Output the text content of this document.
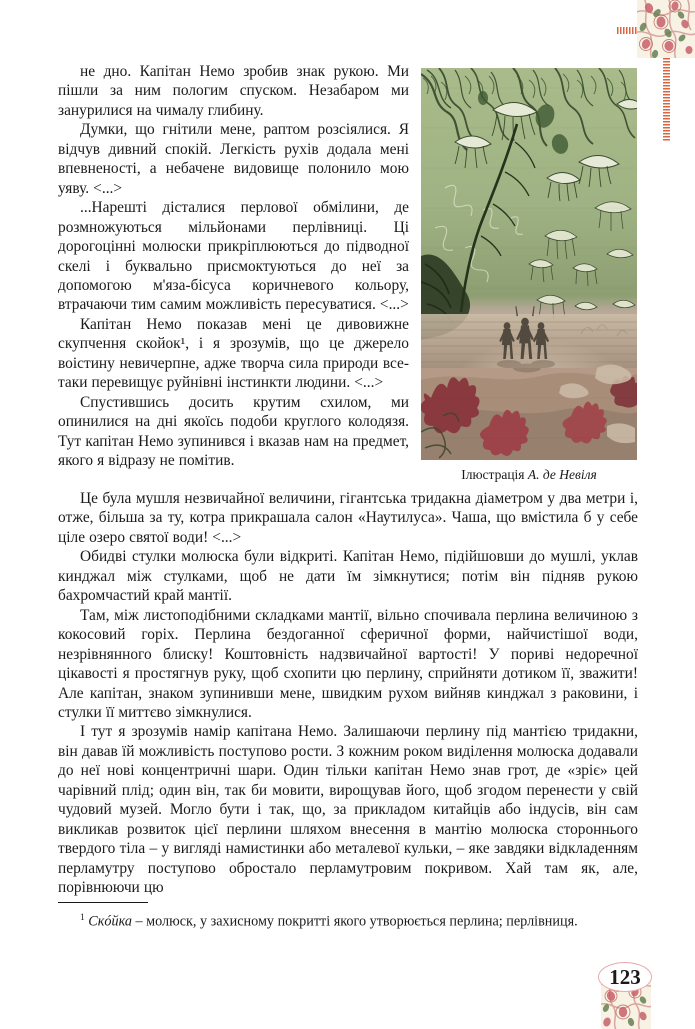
Ілюстрація А. де Невіля

не дно. Капітан Немо зробив знак рукою. Ми пішли за ним пологим спуском. Незабаром ми занурилися на чималу глибину.

Думки, що гнітили мене, раптом розсіялися. Я відчув дивний спокій. Легкість рухів додала мені впевненості, а небачене видовище полонило мою уяву. <...>

...Нарешті дісталися перлової обмілини, де розмножуються мільйонами перлівниці. Ці дорогоцінні молюски прикріплюються до підводної скелі і буквально присмоктуються до неї за допомогою м'яза-бісуса коричневого кольору, втрачаючи тим самим можливість пересуватися. <...>

Капітан Немо показав мені це дивовижне скупчення скойок¹, і я зрозумів, що це джерело воістину невичерпне, адже творча сила природи все-таки перевищує руйнівні інстинкти людини. <...>

Спустившись досить крутим схилом, ми опинилися на дні якоїсь подоби круглого колодязя. Тут капітан Немо зупинився і вказав нам на предмет, якого я відразу не помітив.

Це була мушля незвичайної величини, гігантська тридакна діаметром у два метри і, отже, більша за ту, котра прикрашала салон «Наутилуса». Чаша, що вмістила б у себе ціле озеро святої води! <...>

Обидві стулки молюска були відкриті. Капітан Немо, підійшовши до мушлі, уклав кинджал між стулками, щоб не дати їм зімкнутися; потім він підняв рукою бахромчастий край мантії.

Там, між листоподібними складками мантії, вільно спочивала перлина величиною з кокосовий горіх. Перлина бездоганної сферичної форми, найчистішої води, незрівнянного блиску! Коштовність надзвичайної вартості! У пориві недоречної цікавості я простягнув руку, щоб схопити цю перлину, сприйняти дотиком її, зважити! Але капітан, знаком зупинивши мене, швидким рухом вийняв кинджал з раковини, і стулки її миттєво зімкнулися.

І тут я зрозумів намір капітана Немо. Залишаючи перлину під мантією тридакни, він давав їй можливість поступово рости. З кожним роком виділення молюска додавали до неї нові концентричні шари. Один тільки капітан Немо знав грот, де «зріє» цей чарівний плід; один він, так би мовити, вирощував його, щоб згодом перенести у свій чудовий музей. Могло бути і так, що, за прикладом китайців або індусів, він сам викликав розвиток цієї перлини шляхом внесення в мантію молюска стороннього твердого тіла – у вигляді намистинки або металевої кульки, – яке завдяки відкладенням перламутру поступово обростало перламутровим покривом. Хай там як, але, порівнюючи цю

$^1$ Скóйка – молюск, у захисному покритті якого утворюється перлина; перлівниця.

123
